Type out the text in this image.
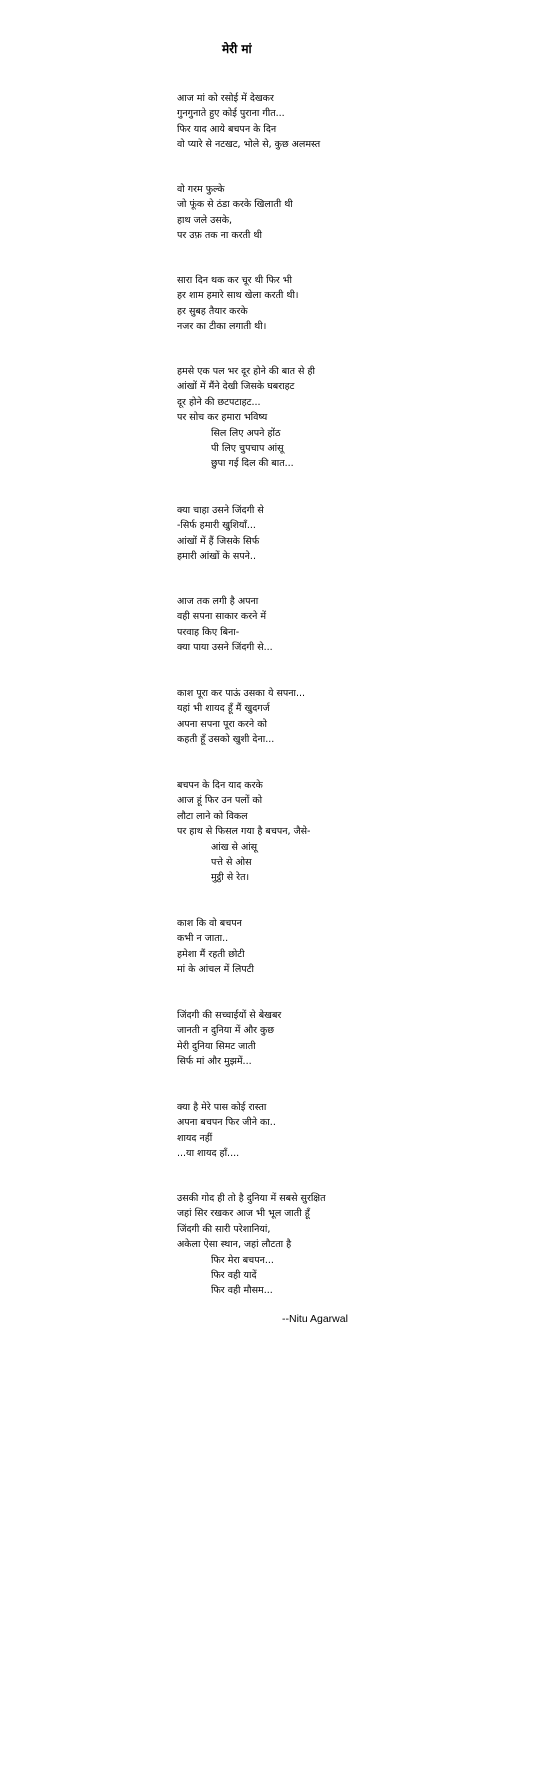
मेरी मां
आज मां को रसोई में देखकर
गुनगुनाते हुए कोई पुराना गीत...
फिर याद आये बचपन के दिन
वो प्यारे से नटखट, भोले से, कुछ अलमस्त
वो गरम फुल्के
जो फूंक से ठंडा करके खिलाती थी
हाथ जले उसके,
पर उफ़ तक ना करती थी
सारा दिन थक कर चूर थी फिर भी
हर शाम हमारे साथ खेला करती थी।
हर सुबह तैयार करके
नजर का टीका लगाती थी।
हमसे एक पल भर दूर होने की बात से ही
आंखों में मैंने देखी जिसके घबराहट
दूर होने की छटपटाहट...
पर सोच कर हमारा भविष्य
सिल लिए अपने होंठ
पी लिए चुपचाप आंसू
छुपा गई दिल की बात...
क्या चाहा उसने जिंदगी से
-सिर्फ हमारी खुशियाँ...
आंखों में हैं जिसके सिर्फ
हमारी आंखों के सपने..
आज तक लगी है अपना
वही सपना साकार करने में
परवाह किए बिना-
क्या पाया उसने जिंदगी से...
काश पूरा कर पाऊं उसका ये सपना...
यहां भी शायद हूँ मैं खुदगर्ज
अपना सपना पूरा करने को
कहती हूँ उसको खुशी देना...
बचपन के दिन याद करके
आज हूं फिर उन पलों को
लौटा लाने को विकल
पर हाथ से फिसल गया है बचपन, जैसे-
आंख से आंसू
पत्ते से ओस
मुट्ठी से रेत।
काश कि वो बचपन
कभी न जाता..
हमेशा मैं रहती छोटी
मां के आंचल में लिपटी
जिंदगी की सच्चाईयों से बेखबर
जानती न दुनिया में और कुछ
मेरी दुनिया सिमट जाती
सिर्फ मां और मुझमें...
क्या है मेरे पास कोई रास्ता
अपना बचपन फिर जीने का..
शायद नहीं
...या शायद हाँ....
उसकी गोद ही तो है दुनिया में सबसे सुरक्षित
जहां सिर रखकर आज भी भूल जाती हूँ
जिंदगी की सारी परेशानियां,
अकेला ऐसा स्थान, जहां लौटता है
फिर मेरा बचपन...
फिर वही यादें
फिर वही मौसम...
--Nitu Agarwal
